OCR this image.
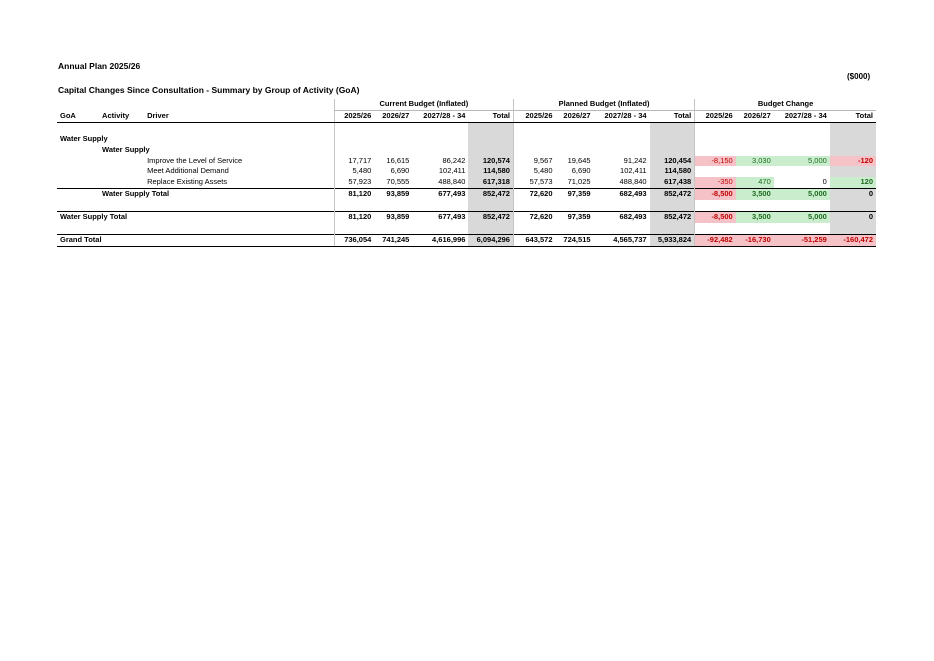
Annual Plan 2025/26
Capital Changes Since Consultation - Summary by Group of Activity (GoA)
($000)
			Current Budget (Inflated)				Planned Budget (Inflated)				Budget Change			
GoA	Activity	Driver	2025/26	2026/27	2027/28 - 34	Total	2025/26	2026/27	2027/28 - 34	Total	2025/26	2026/27	2027/28 - 34	Total

Water Supply														
	Water Supply													
		Improve the Level of Service	17,717	16,615	86,242	120,574	9,567	19,645	91,242	120,454	-8,150	3,030	5,000	-120
		Meet Additional Demand	5,480	6,690	102,411	114,580	5,480	6,690	102,411	114,580				
		Replace Existing Assets	57,923	70,555	488,840	617,318	57,573	71,025	488,840	617,438	-350	470	0	120
	Water Supply Total		81,120	93,859	677,493	852,472	72,620	97,359	682,493	852,472	-8,500	3,500	5,000	0

Water Supply Total			81,120	93,859	677,493	852,472	72,620	97,359	682,493	852,472	-8,500	3,500	5,000	0

Grand Total			736,054	741,245	4,616,996	6,094,296	643,572	724,515	4,565,737	5,933,824	-92,482	-16,730	-51,259	-160,472
